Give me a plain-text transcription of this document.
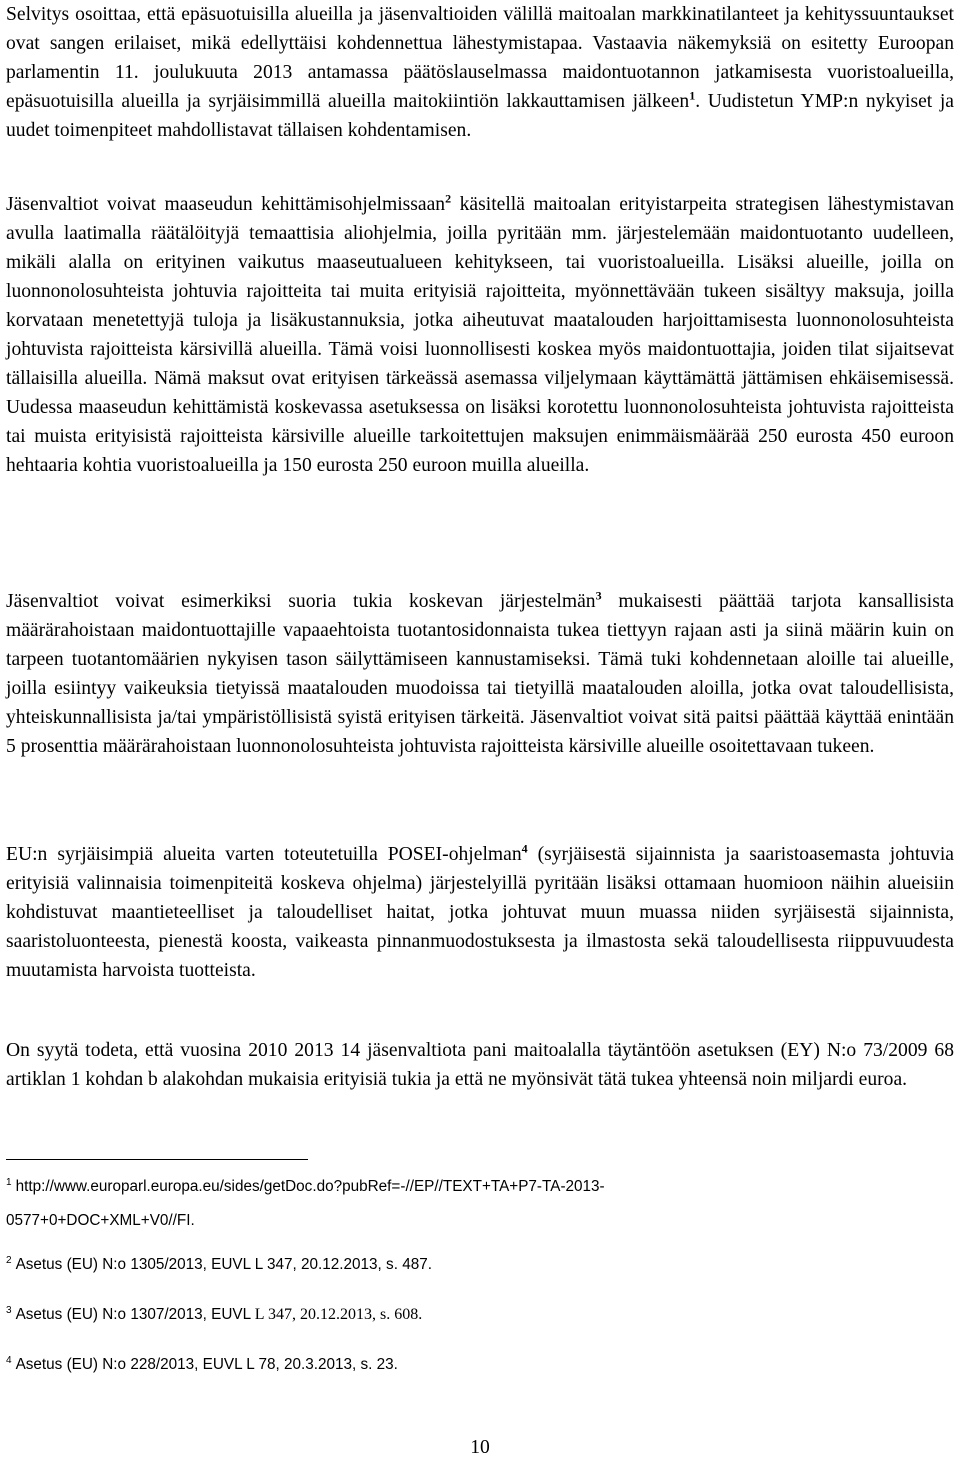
Selvitys osoittaa, että epäsuotuisilla alueilla ja jäsenvaltioiden välillä maitoalan markkinatilanteet ja kehityssuuntaukset ovat sangen erilaiset, mikä edellyttäisi kohdennettua lähestymistapaa. Vastaavia näkemyksiä on esitetty Euroopan parlamentin 11. joulukuuta 2013 antamassa päätöslauselmassa maidontuotannon jatkamisesta vuoristoalueilla, epäsuotuisilla alueilla ja syrjäisimmillä alueilla maitokiintiön lakkauttamisen jälkeen$^1$. Uudistetun YMP:n nykyiset ja uudet toimenpiteet mahdollistavat tällaisen kohdentamisen.

Jäsenvaltiot voivat maaseudun kehittämisohjelmissaan$^2$ käsitellä maitoalan erityistarpeita strategisen lähestymistavan avulla laatimalla räätälöityjä temaattisia aliohjelmia, joilla pyritään mm. järjestelemään maidontuotanto uudelleen, mikäli alalla on erityinen vaikutus maaseutualueen kehitykseen, tai vuoristoalueilla. Lisäksi alueille, joilla on luonnonolosuhteista johtuvia rajoitteita tai muita erityisiä rajoitteita, myönnettävään tukeen sisältyy maksuja, joilla korvataan menetettyjä tuloja ja lisäkustannuksia, jotka aiheutuvat maatalouden harjoittamisesta luonnonolosuhteista johtuvista rajoitteista kärsivillä alueilla. Tämä voisi luonnollisesti koskea myös maidontuottajia, joiden tilat sijaitsevat tällaisilla alueilla. Nämä maksut ovat erityisen tärkeässä asemassa viljelymaan käyttämättä jättämisen ehkäisemisessä. Uudessa maaseudun kehittämistä koskevassa asetuksessa on lisäksi korotettu luonnonolosuhteista johtuvista rajoitteista tai muista erityisistä rajoitteista kärsiville alueille tarkoitettujen maksujen enimmäismäärää 250 eurosta 450 euroon hehtaaria kohtia vuoristoalueilla ja 150 eurosta 250 euroon muilla alueilla.

Jäsenvaltiot voivat esimerkiksi suoria tukia koskevan järjestelmän$^3$ mukaisesti päättää tarjota kansallisista määrärahoistaan maidontuottajille vapaaehtoista tuotantosidonnaista tukea tiettyyn rajaan asti ja siinä määrin kuin on tarpeen tuotantomäärien nykyisen tason säilyttämiseen kannustamiseksi. Tämä tuki kohdennetaan aloille tai alueille, joilla esiintyy vaikeuksia tietyissä maatalouden muodoissa tai tietyillä maatalouden aloilla, jotka ovat taloudellisista, yhteiskunnallisista ja/tai ympäristöllisistä syistä erityisen tärkeitä. Jäsenvaltiot voivat sitä paitsi päättää käyttää enintään 5 prosenttia määrärahoistaan luonnonolosuhteista johtuvista rajoitteista kärsiville alueille osoitettavaan tukeen.

EU:n syrjäisimpiä alueita varten toteutetuilla POSEI-ohjelman$^4$ (syrjäisestä sijainnista ja saaristoasemasta johtuvia erityisiä valinnaisia toimenpiteitä koskeva ohjelma) järjestelyillä pyritään lisäksi ottamaan huomioon näihin alueisiin kohdistuvat maantieteelliset ja taloudelliset haitat, jotka johtuvat muun muassa niiden syrjäisestä sijainnista, saaristoluonteesta, pienestä koosta, vaikeasta pinnanmuodostuksesta ja ilmastosta sekä taloudellisesta riippuvuudesta muutamista harvoista tuotteista.

On syytä todeta, että vuosina 2010 2013 14 jäsenvaltiota pani maitoalalla täytäntöön asetuksen (EY) N:o 73/2009 68 artiklan 1 kohdan b alakohdan mukaisia erityisiä tukia ja että ne myönsivät tätä tukea yhteensä noin miljardi euroa.

$^1$ http://www.europarl.europa.eu/sides/getDoc.do?pubRef=-//EP//TEXT+TA+P7-TA-2013-
0577+0+DOC+XML+V0//FI.

$^2$ Asetus (EU) N:o 1305/2013, EUVL L 347, 20.12.2013, s. 487.

$^3$ Asetus (EU) N:o 1307/2013, EUVL L 347, 20.12.2013, s. 608.

$^4$ Asetus (EU) N:o 228/2013, EUVL L 78, 20.3.2013, s. 23.

10
